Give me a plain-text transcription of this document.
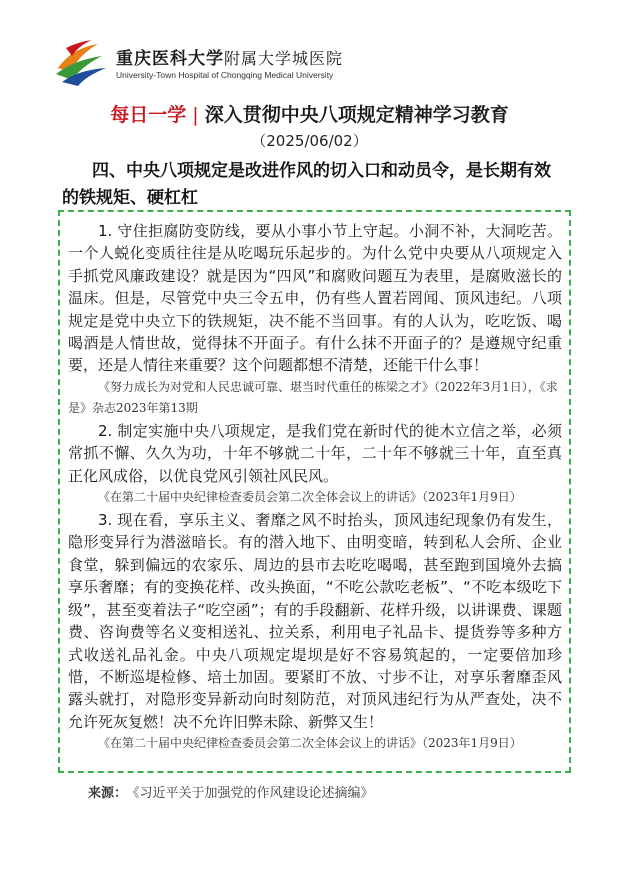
重庆医科大学附属大学城医院
University-Town Hospital of Chongqing Medical University
每日一学 | 深入贯彻中央八项规定精神学习教育
（2025/06/02）
四、中央八项规定是改进作风的切入口和动员令，是长期有效的铁规矩、硬杠杠

1. 守住拒腐防变防线，要从小事小节上守起。小洞不补，大洞吃苦。一个人蜕化变质往往是从吃喝玩乐起步的。为什么党中央要从八项规定入手抓党风廉政建设？就是因为“四风”和腐败问题互为表里，是腐败滋长的温床。但是，尽管党中央三令五申，仍有些人置若罔闻、顶风违纪。八项规定是党中央立下的铁规矩，决不能不当回事。有的人认为，吃吃饭、喝喝酒是人情世故，觉得抹不开面子。有什么抹不开面子的？是遵规守纪重要，还是人情往来重要？这个问题都想不清楚，还能干什么事！

《努力成长为对党和人民忠诚可靠、堪当时代重任的栋梁之才》（2022年3月1日），《求是》杂志2023年第13期

2. 制定实施中央八项规定，是我们党在新时代的徙木立信之举，必须常抓不懈、久久为功，十年不够就二十年，二十年不够就三十年，直至真正化风成俗，以优良党风引领社风民风。

《在第二十届中央纪律检查委员会第二次全体会议上的讲话》（2023年1月9日）

3. 现在看，享乐主义、奢靡之风不时抬头，顶风违纪现象仍有发生，隐形变异行为潜滋暗长。有的潜入地下、由明变暗，转到私人会所、企业食堂，躲到偏远的农家乐、周边的县市去吃吃喝喝，甚至跑到国境外去搞享乐奢靡；有的变换花样、改头换面，“不吃公款吃老板”、“不吃本级吃下级”，甚至变着法子“吃空函”；有的手段翻新、花样升级，以讲课费、课题费、咨询费等名义变相送礼、拉关系，利用电子礼品卡、提货券等多种方式收送礼品礼金。中央八项规定堤坝是好不容易筑起的，一定要倍加珍惜，不断巡堤检修、培土加固。要紧盯不放、寸步不让，对享乐奢靡歪风露头就打，对隐形变异新动向时刻防范，对顶风违纪行为从严查处，决不允许死灰复燃！决不允许旧弊未除、新弊又生！

《在第二十届中央纪律检查委员会第二次全体会议上的讲话》（2023年1月9日）

来源： 《习近平关于加强党的作风建设论述摘编》
